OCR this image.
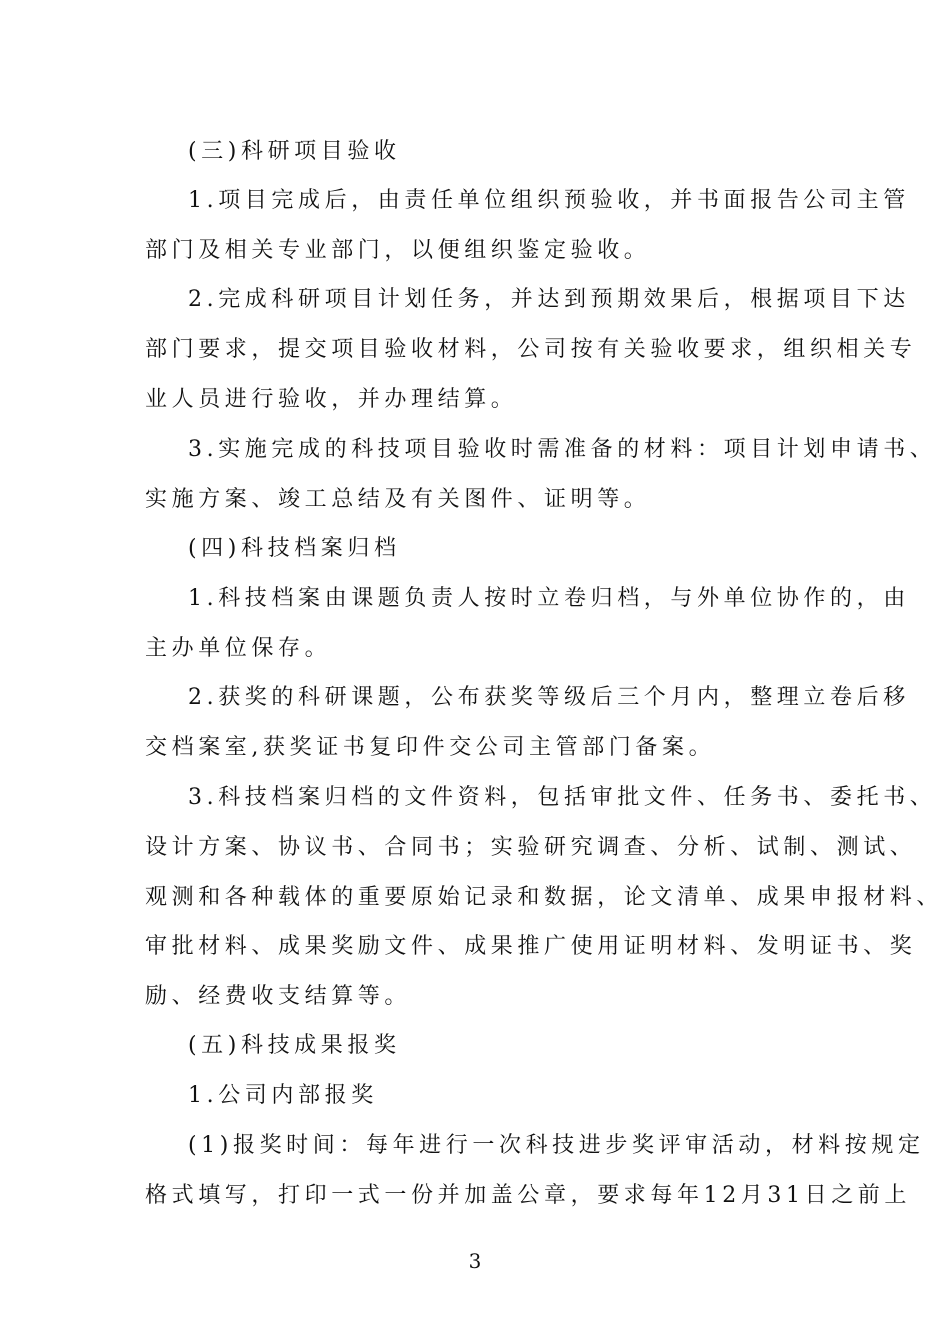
(三)科研项目验收
1.项目完成后，由责任单位组织预验收，并书面报告公司主管
部门及相关专业部门，以便组织鉴定验收。
2.完成科研项目计划任务，并达到预期效果后，根据项目下达
部门要求，提交项目验收材料，公司按有关验收要求，组织相关专
业人员进行验收，并办理结算。
3.实施完成的科技项目验收时需准备的材料：项目计划申请书、
实施方案、竣工总结及有关图件、证明等。
(四)科技档案归档
1.科技档案由课题负责人按时立卷归档，与外单位协作的，由
主办单位保存。
2.获奖的科研课题，公布获奖等级后三个月内，整理立卷后移
交档案室,获奖证书复印件交公司主管部门备案。
3.科技档案归档的文件资料，包括审批文件、任务书、委托书、
设计方案、协议书、合同书；实验研究调查、分析、试制、测试、
观测和各种载体的重要原始记录和数据，论文清单、成果申报材料、
审批材料、成果奖励文件、成果推广使用证明材料、发明证书、奖
励、经费收支结算等。
(五)科技成果报奖
1.公司内部报奖
(1)报奖时间：每年进行一次科技进步奖评审活动，材料按规定
格式填写，打印一式一份并加盖公章，要求每年12月31日之前上
3
